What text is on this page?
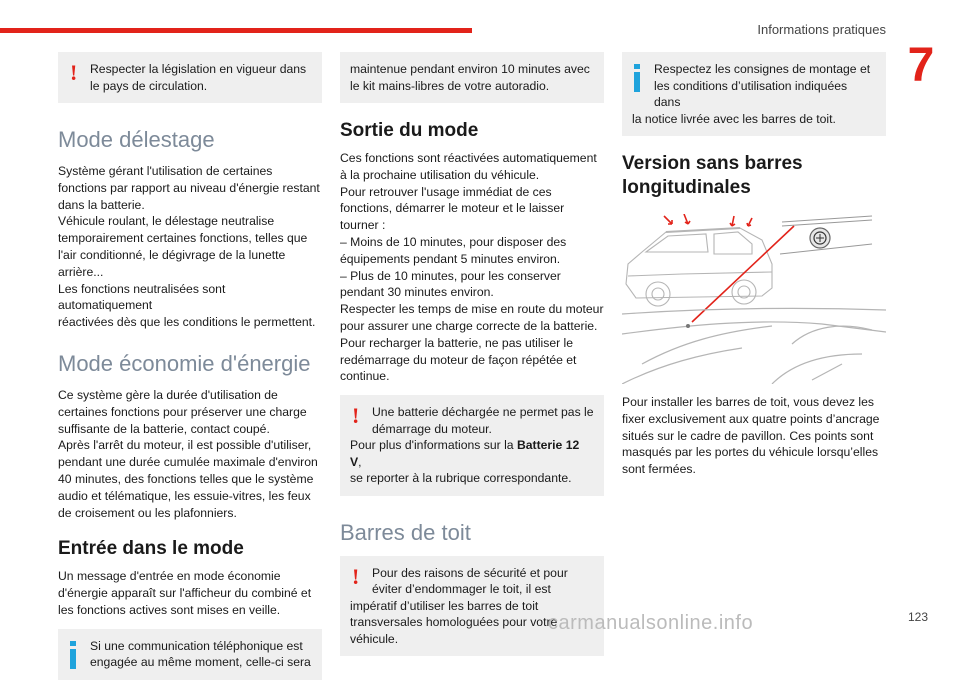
Informations pratiques
7
! Respecter la législation en vigueur dans
le pays de circulation.
Mode délestage

Système gérant l'utilisation de certaines
fonctions par rapport au niveau d'énergie restant
dans la batterie.
Véhicule roulant, le délestage neutralise
temporairement certaines fonctions, telles que
l'air conditionné, le dégivrage de la lunette
arrière...
Les fonctions neutralisées sont automatiquement
réactivées dès que les conditions le permettent.

Mode économie d'énergie

Ce système gère la durée d'utilisation de
certaines fonctions pour préserver une charge
suffisante de la batterie, contact coupé.
Après l'arrêt du moteur, il est possible d'utiliser,
pendant une durée cumulée maximale d'environ
40 minutes, des fonctions telles que le système
audio et télématique, les essuie-vitres, les feux
de croisement ou les plafonniers.

Entrée dans le mode

Un message d'entrée en mode économie
d'énergie apparaît sur l'afficheur du combiné et
les fonctions actives sont mises en veille.

Si une communication téléphonique est
engagée au même moment, celle-ci sera
maintenue pendant environ 10 minutes avec
le kit mains-libres de votre autoradio.
Sortie du mode

Ces fonctions sont réactivées automatiquement
à la prochaine utilisation du véhicule.
Pour retrouver l'usage immédiat de ces
fonctions, démarrer le moteur et le laisser
tourner :
– Moins de 10 minutes, pour disposer des
équipements pendant 5 minutes environ.
– Plus de 10 minutes, pour les conserver
pendant 30 minutes environ.
Respecter les temps de mise en route du moteur
pour assurer une charge correcte de la batterie.
Pour recharger la batterie, ne pas utiliser le
redémarrage du moteur de façon répétée et
continue.

!	Une batterie déchargée ne permet pas le
démarrage du moteur.
Pour plus d'informations sur la Batterie 12 V,
se reporter à la rubrique correspondante.
Barres de toit
!	Pour des raisons de sécurité et pour
éviter d’endommager le toit, il est
impératif d’utiliser les barres de toit
transversales homologuées pour votre
véhicule.
Respectez les consignes de montage et
les conditions d’utilisation indiquées dans
la notice livrée avec les barres de toit.
Version sans barres
longitudinales

Pour installer les barres de toit, vous devez les
fixer exclusivement aux quatre points d’ancrage
situés sur le cadre de pavillon. Ces points sont
masqués par les portes du véhicule lorsqu’elles
sont fermées.

carmanualsonline.info	123
